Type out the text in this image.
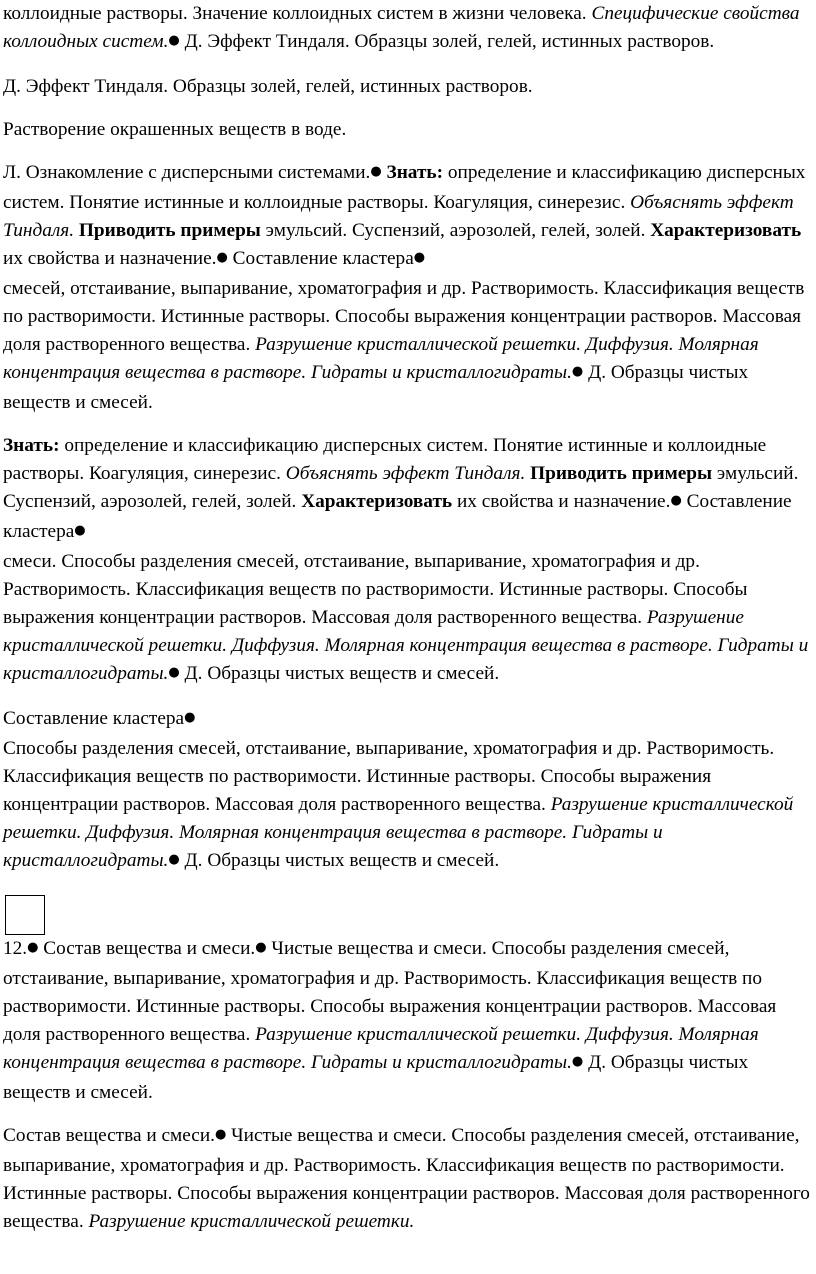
коллоидные растворы. Значение коллоидных систем в жизни человека. Специфические свойства коллоидных систем.● Д. Эффект Тиндаля. Образцы золей, гелей, истинных растворов.

Д. Эффект Тиндаля. Образцы золей, гелей, истинных растворов.

Растворение окрашенных веществ в воде.

Л. Ознакомление с дисперсными системами.● Знать: определение и классификацию дисперсных систем. Понятие истинные и коллоидные растворы. Коагуляция, синерезис. Объяснять эффект Тиндаля. Приводить примеры эмульсий. Суспензий, аэрозолей, гелей, золей. Характеризовать их свойства и назначение.● Составление кластера●
смесей, отстаивание, выпаривание, хроматография и др. Растворимость. Классификация веществ по растворимости. Истинные растворы. Способы выражения концентрации растворов. Массовая доля растворенного вещества. Разрушение кристаллической решетки. Диффузия. Молярная концентрация вещества в растворе. Гидраты и кристаллогидраты.● Д. Образцы чистых веществ и смесей.

Знать: определение и классификацию дисперсных систем. Понятие истинные и коллоидные растворы. Коагуляция, синерезис. Объяснять эффект Тиндаля. Приводить примеры эмульсий. Суспензий, аэрозолей, гелей, золей. Характеризовать их свойства и назначение.● Составление кластера●
смеси. Способы разделения смесей, отстаивание, выпаривание, хроматография и др. Растворимость. Классификация веществ по растворимости. Истинные растворы. Способы выражения концентрации растворов. Массовая доля растворенного вещества. Разрушение кристаллической решетки. Диффузия. Молярная концентрация вещества в растворе. Гидраты и кристаллогидраты.● Д. Образцы чистых веществ и смесей.

Составление кластера●
Способы разделения смесей, отстаивание, выпаривание, хроматография и др. Растворимость. Классификация веществ по растворимости. Истинные растворы. Способы выражения концентрации растворов. Массовая доля растворенного вещества. Разрушение кристаллической решетки. Диффузия. Молярная концентрация вещества в растворе. Гидраты и кристаллогидраты.● Д. Образцы чистых веществ и смесей.

12.● Состав вещества и смеси.● Чистые вещества и смеси. Способы разделения смесей, отстаивание, выпаривание, хроматография и др. Растворимость. Классификация веществ по растворимости. Истинные растворы. Способы выражения концентрации растворов. Массовая доля растворенного вещества. Разрушение кристаллической решетки. Диффузия. Молярная концентрация вещества в растворе. Гидраты и кристаллогидраты.● Д. Образцы чистых веществ и смесей.

Состав вещества и смеси.● Чистые вещества и смеси. Способы разделения смесей, отстаивание, выпаривание, хроматография и др. Растворимость. Классификация веществ по растворимости. Истинные растворы. Способы выражения концентрации растворов. Массовая доля растворенного вещества. Разрушение кристаллической решетки.
